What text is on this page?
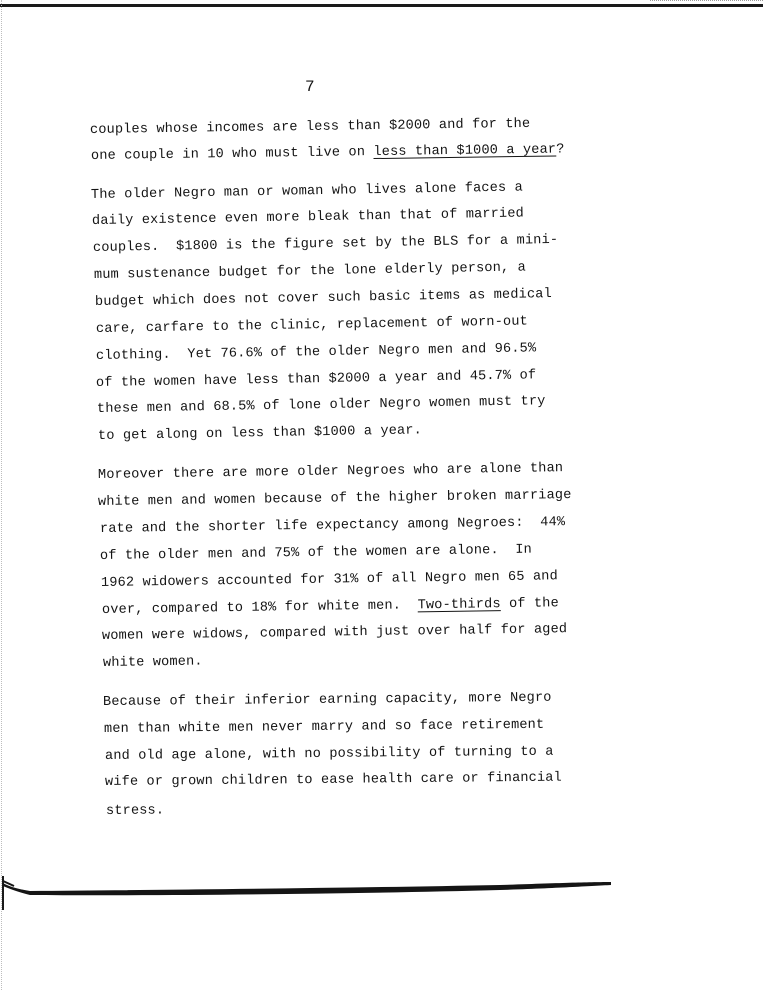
7
couples whose incomes are less than $2000 and for the
one couple in 10 who must live on less than $1000 a year?
The older Negro man or woman who lives alone faces a
daily existence even more bleak than that of married
couples.  $1800 is the figure set by the BLS for a mini-
mum sustenance budget for the lone elderly person, a
budget which does not cover such basic items as medical
care, carfare to the clinic, replacement of worn-out
clothing.  Yet 76.6% of the older Negro men and 96.5%
of the women have less than $2000 a year and 45.7% of
these men and 68.5% of lone older Negro women must try
to get along on less than $1000 a year.
Moreover there are more older Negroes who are alone than
white men and women because of the higher broken marriage
rate and the shorter life expectancy among Negroes:  44%
of the older men and 75% of the women are alone.  In
1962 widowers accounted for 31% of all Negro men 65 and
over, compared to 18% for white men.  Two-thirds of the
women were widows, compared with just over half for aged
white women.
Because of their inferior earning capacity, more Negro
men than white men never marry and so face retirement
and old age alone, with no possibility of turning to a
wife or grown children to ease health care or financial
stress.
